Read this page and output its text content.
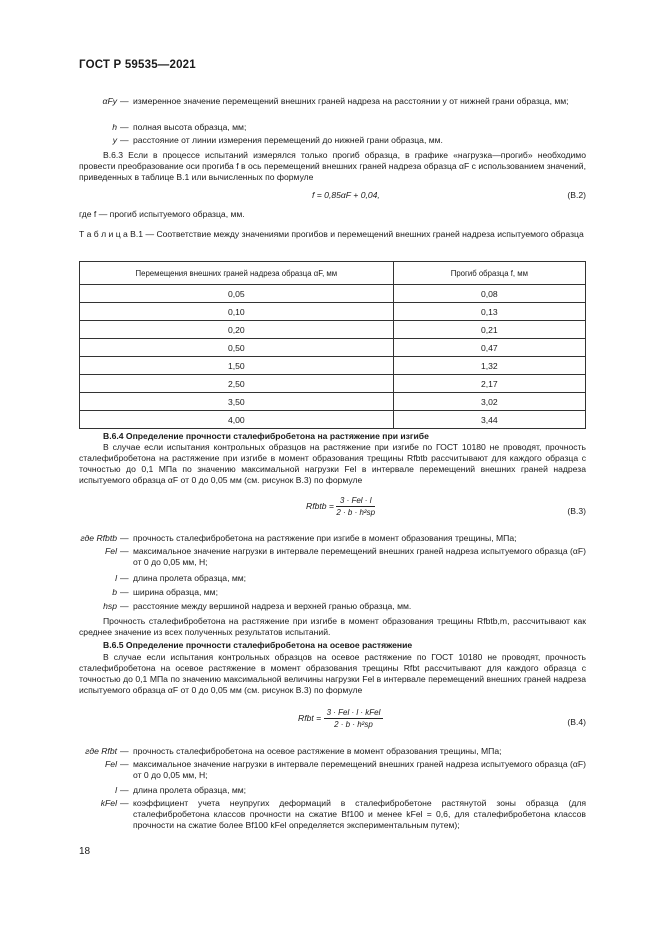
ГОСТ Р 59535—2021
αFy — измеренное значение перемещений внешних граней надреза на расстоянии y от нижней грани образца, мм;
h — полная высота образца, мм;
y — расстояние от линии измерения перемещений до нижней грани образца, мм.
В.6.3 Если в процессе испытаний измерялся только прогиб образца, в графике «нагрузка—прогиб» необходимо провести преобразование оси прогиба f в ось перемещений внешних граней надреза образца αF с использованием значений, приведенных в таблице В.1 или вычисленных по формуле
f = 0,85αF + 0,04,	(В.2)
где f — прогиб испытуемого образца, мм.
Т а б л и ц а В.1 — Соответствие между значениями прогибов и перемещений внешних граней надреза испытуемого образца
Перемещения внешних граней надреза образца αF, мм	Прогиб образца f, мм
0,05	0,08
0,10	0,13
0,20	0,21
0,50	0,47
1,50	1,32
2,50	2,17
3,50	3,02
4,00	3,44
В.6.4 Определение прочности сталефибробетона на растяжение при изгибе
В случае если испытания контрольных образцов на растяжение при изгибе по ГОСТ 10180 не проводят, прочность сталефибробетона на растяжение при изгибе в момент образования трещины Rfbtb рассчитывают для каждого образца с точностью до 0,1 МПа по значению максимальной нагрузки Fel в интервале перемещений внешних граней надреза испытуемого образца αF от 0 до 0,05 мм (см. рисунок В.3) по формуле
Rfbtb = $\frac{\text{3 · Fel · l}}{\text{2 · b · h²sp}}$	(В.3)
где Rfbtb — прочность сталефибробетона на растяжение при изгибе в момент образования трещины, МПа;
Fel — максимальное значение нагрузки в интервале перемещений внешних граней надреза испытуемого образца (αF) от 0 до 0,05 мм, Н;
l — длина пролета образца, мм;
b — ширина образца, мм;
hsp — расстояние между вершиной надреза и верхней гранью образца, мм.
Прочность сталефибробетона на растяжение при изгибе в момент образования трещины Rfbtb,m, рассчитывают как среднее значение из всех полученных результатов испытаний.
В.6.5 Определение прочности сталефибробетона на осевое растяжение
В случае если испытания контрольных образцов на осевое растяжение по ГОСТ 10180 не проводят, прочность сталефибробетона на осевое растяжение в момент образования трещины Rfbt рассчитывают для каждого образца с точностью до 0,1 МПа по значению максимальной величины нагрузки Fel в интервале перемещений внешних граней надреза испытуемого образца αF от 0 до 0,05 мм (см. рисунок В.3) по формуле
Rfbt = $\frac{\text{3 · Fel · l · kFel}}{\text{2 · b · h²sp}}$	(В.4)
где Rfbt — прочность сталефибробетона на осевое растяжение в момент образования трещины, МПа;
Fel — максимальное значение нагрузки в интервале перемещений внешних граней надреза испытуемого образца (αF) от 0 до 0,05 мм, Н;
l — длина пролета образца, мм;
kFel — коэффициент учета неупругих деформаций в сталефибробетоне растянутой зоны образца (для сталефибробетона классов прочности на сжатие Bf100 и менее kFel = 0,6, для сталефибробетона классов прочности на сжатие более Bf100 kFel определяется экспериментальным путем);
18
